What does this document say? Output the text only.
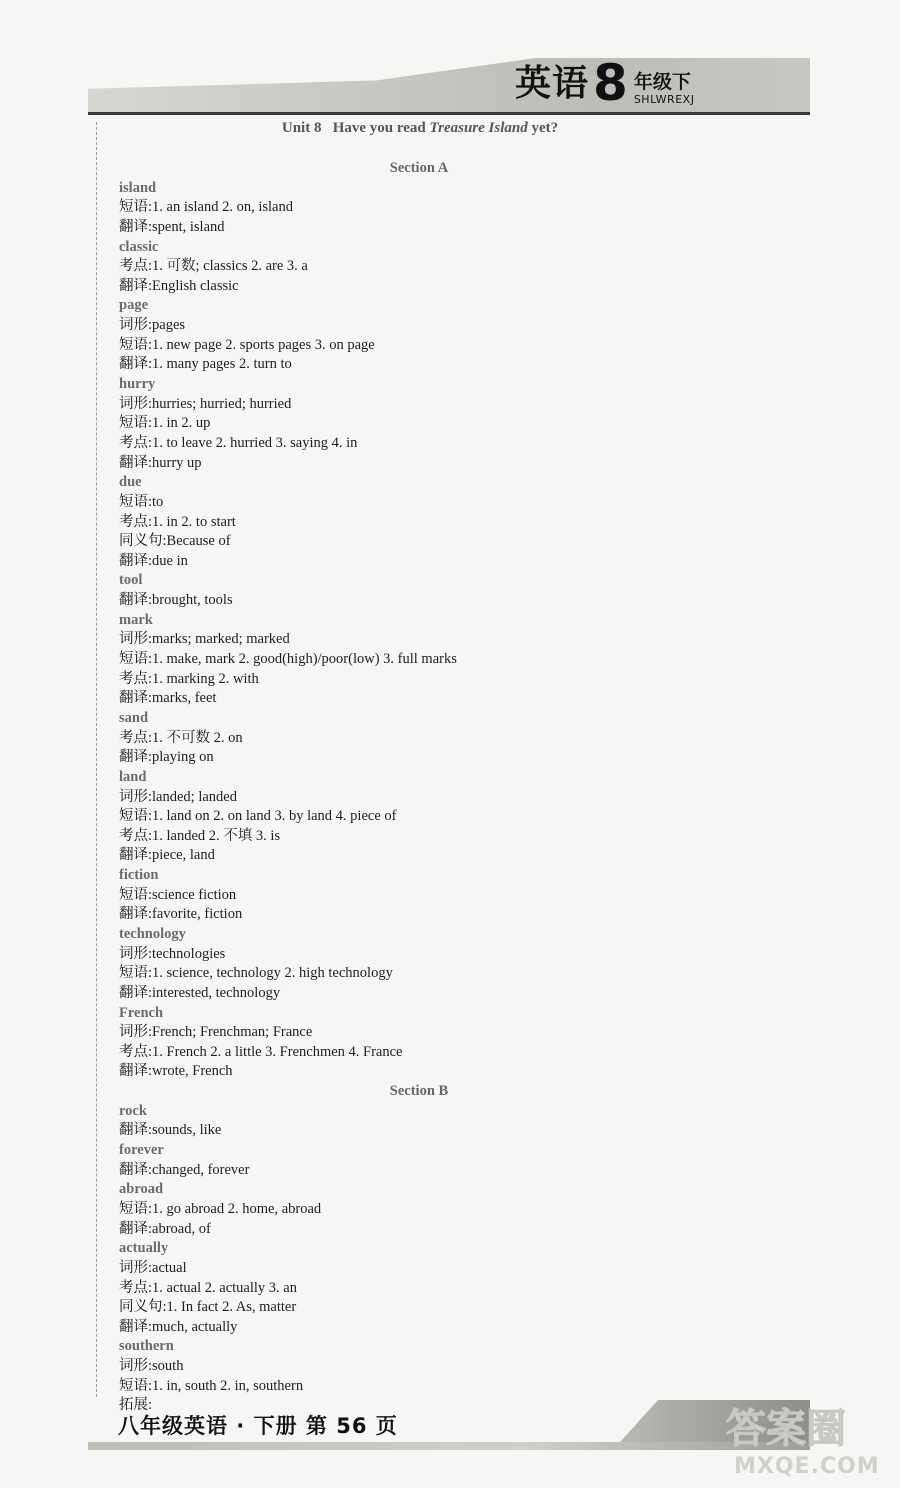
英语 8 年级下
SHLWREXJ
Unit 8 Have you read Treasure Island yet?
Section A
island
短语:1. an island 2. on, island
翻译:spent, island
classic
考点:1. 可数; classics 2. are 3. a
翻译:English classic
page
词形:pages
短语:1. new page 2. sports pages 3. on page
翻译:1. many pages 2. turn to
hurry
词形:hurries; hurried; hurried
短语:1. in 2. up
考点:1. to leave 2. hurried 3. saying 4. in
翻译:hurry up
due
短语:to
考点:1. in 2. to start
同义句:Because of
翻译:due in
tool
翻译:brought, tools
mark
词形:marks; marked; marked
短语:1. make, mark 2. good(high)/poor(low) 3. full marks
考点:1. marking 2. with
翻译:marks, feet
sand
考点:1. 不可数 2. on
翻译:playing on
land
词形:landed; landed
短语:1. land on 2. on land 3. by land 4. piece of
考点:1. landed 2. 不填 3. is
翻译:piece, land
fiction
短语:science fiction
翻译:favorite, fiction
technology
词形:technologies
短语:1. science, technology 2. high technology
翻译:interested, technology
French
词形:French; Frenchman; France
考点:1. French 2. a little 3. Frenchmen 4. France
翻译:wrote, French
Section B
rock
翻译:sounds, like
forever
翻译:changed, forever
abroad
短语:1. go abroad 2. home, abroad
翻译:abroad, of
actually
词形:actual
考点:1. actual 2. actually 3. an
同义句:1. In fact 2. As, matter
翻译:much, actually
southern
词形:south
短语:1. in, south 2. in, southern
拓展:
八年级英语 · 下册 第 56 页	答案圈
MXQE.COM
